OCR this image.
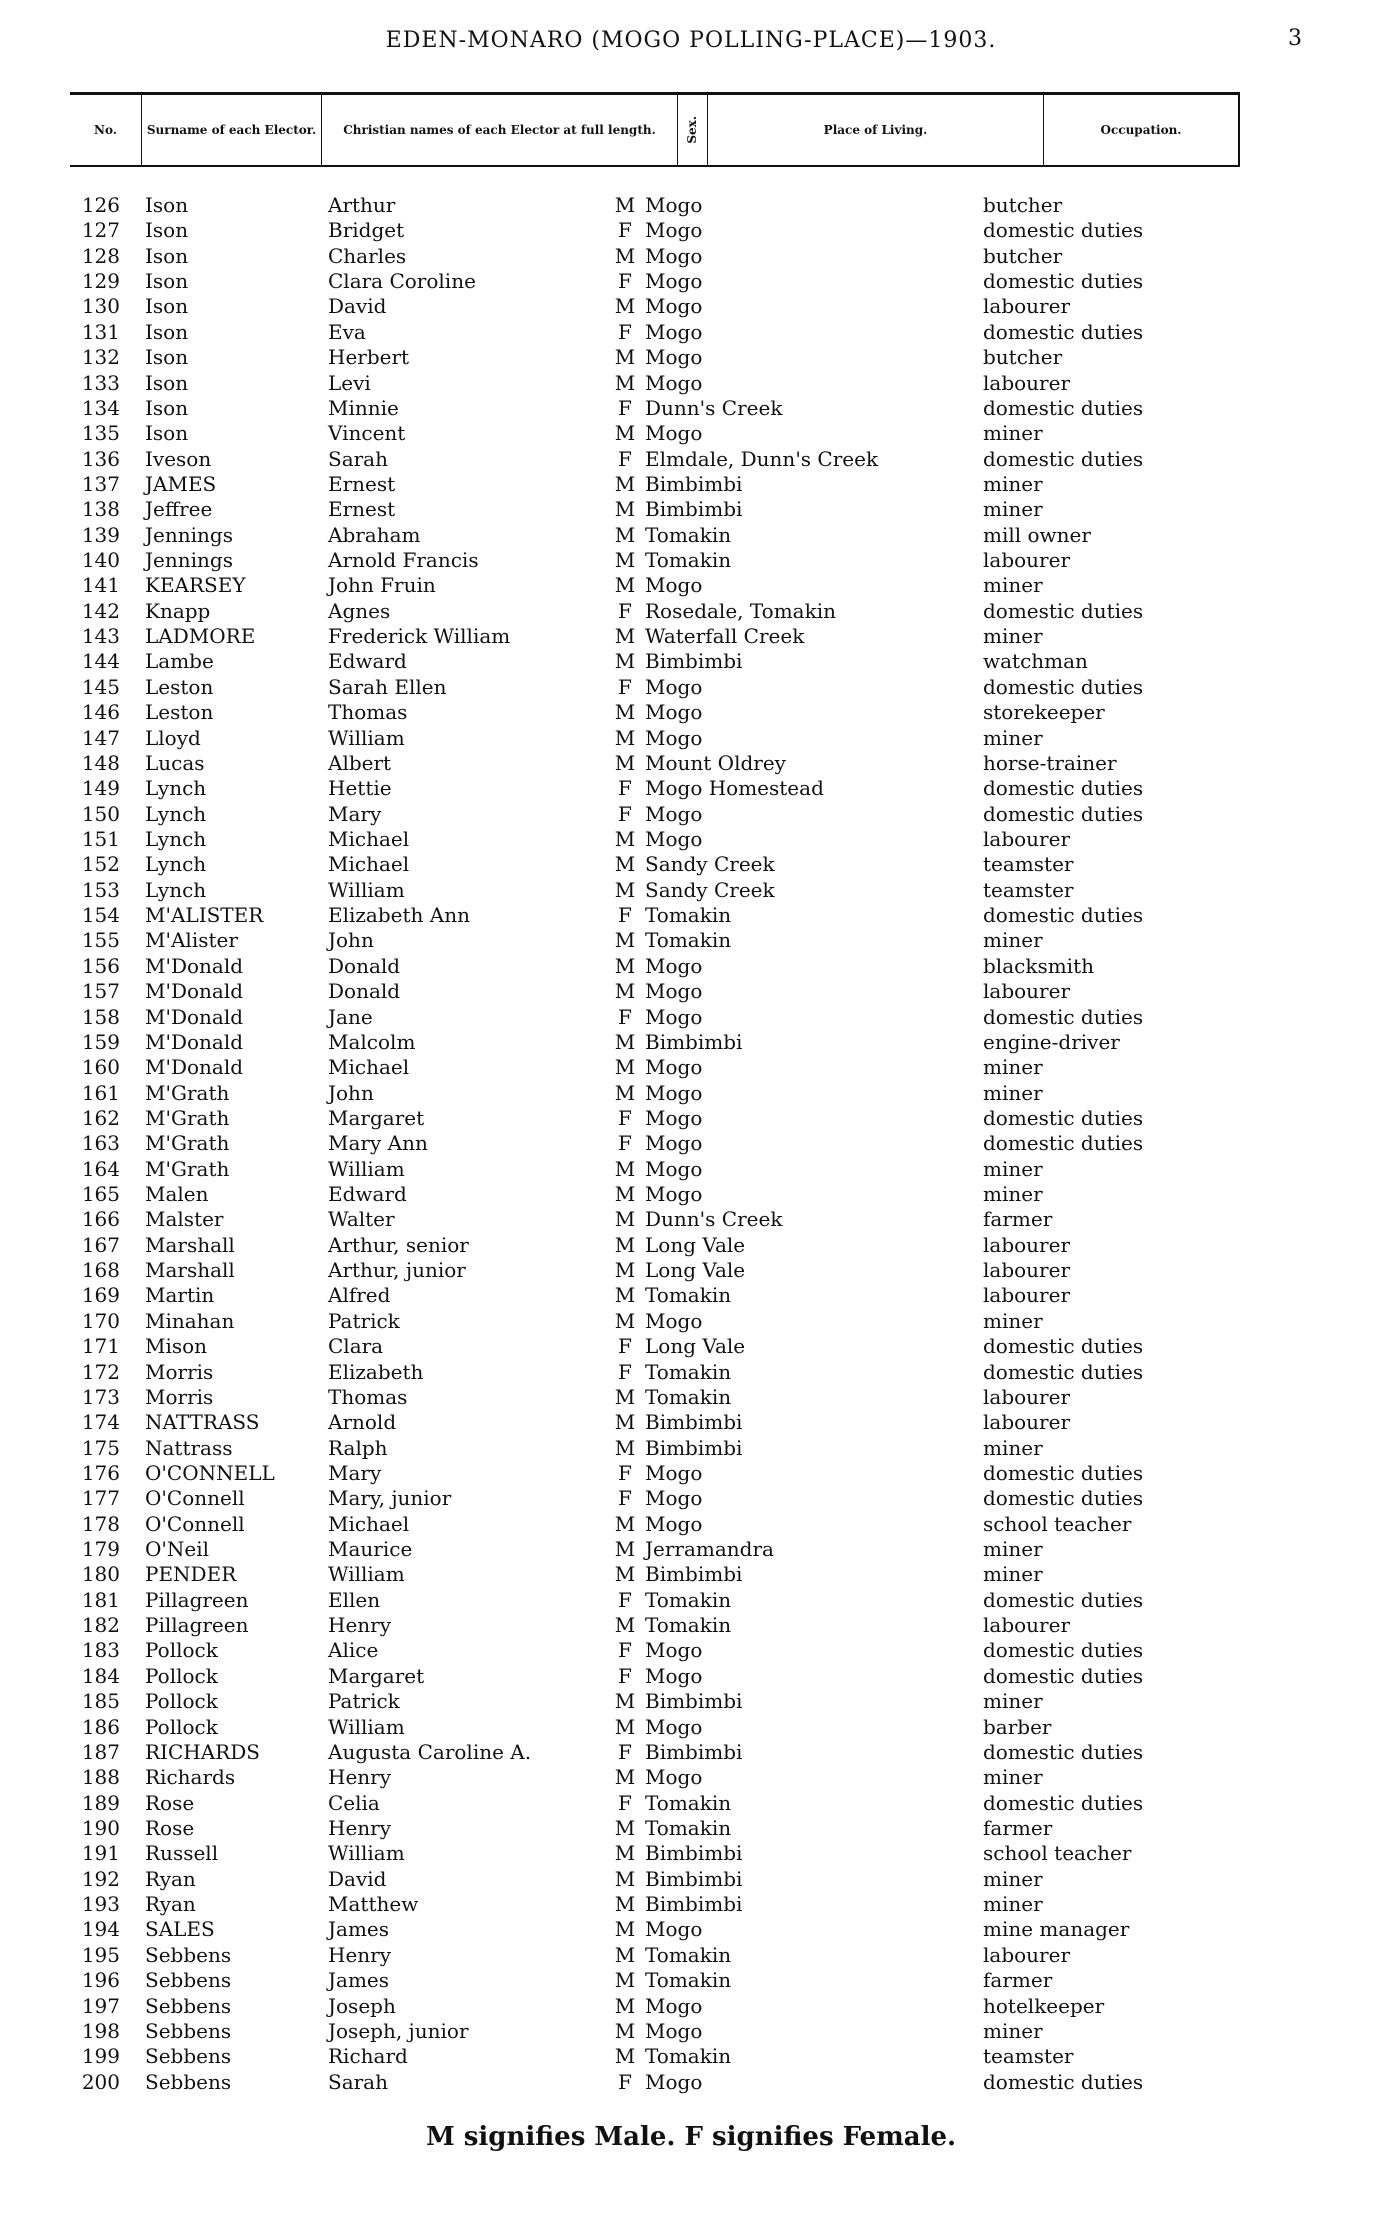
EDEN-MONARO (MOGO POLLING-PLACE)—1903.	3
No.	Surname of each Elector.	Christian names of each Elector at full length.	Sex.	Place of Living.	Occupation.
126 Ison	Arthur	M Mogo	butcher
127 Ison	Bridget	F Mogo	domestic duties
128 Ison	Charles	M Mogo	butcher
129 Ison	Clara Coroline	F Mogo	domestic duties
130 Ison	David	M Mogo	labourer
131 Ison	Eva	F Mogo	domestic duties
132 Ison	Herbert	M Mogo	butcher
133 Ison	Levi	M Mogo	labourer
134 Ison	Minnie	F Dunn's Creek	domestic duties
135 Ison	Vincent	M Mogo	miner
136 Iveson	Sarah	F Elmdale, Dunn's Creek	domestic duties
137 JAMES	Ernest	M Bimbimbi	miner
138 Jeffree	Ernest	M Bimbimbi	miner
139 Jennings	Abraham	M Tomakin	mill owner
140 Jennings	Arnold Francis	M Tomakin	labourer
141 KEARSEY	John Fruin	M Mogo	miner
142 Knapp	Agnes	F Rosedale, Tomakin	domestic duties
143 LADMORE	Frederick William	M Waterfall Creek	miner
144 Lambe	Edward	M Bimbimbi	watchman
145 Leston	Sarah Ellen	F Mogo	domestic duties
146 Leston	Thomas	M Mogo	storekeeper
147 Lloyd	William	M Mogo	miner
148 Lucas	Albert	M Mount Oldrey	horse-trainer
149 Lynch	Hettie	F Mogo Homestead	domestic duties
150 Lynch	Mary	F Mogo	domestic duties
151 Lynch	Michael	M Mogo	labourer
152 Lynch	Michael	M Sandy Creek	teamster
153 Lynch	William	M Sandy Creek	teamster
154 M'ALISTER	Elizabeth Ann	F Tomakin	domestic duties
155 M'Alister	John	M Tomakin	miner
156 M'Donald	Donald	M Mogo	blacksmith
157 M'Donald	Donald	M Mogo	labourer
158 M'Donald	Jane	F Mogo	domestic duties
159 M'Donald	Malcolm	M Bimbimbi	engine-driver
160 M'Donald	Michael	M Mogo	miner
161 M'Grath	John	M Mogo	miner
162 M'Grath	Margaret	F Mogo	domestic duties
163 M'Grath	Mary Ann	F Mogo	domestic duties
164 M'Grath	William	M Mogo	miner
165 Malen	Edward	M Mogo	miner
166 Malster	Walter	M Dunn's Creek	farmer
167 Marshall	Arthur, senior	M Long Vale	labourer
168 Marshall	Arthur, junior	M Long Vale	labourer
169 Martin	Alfred	M Tomakin	labourer
170 Minahan	Patrick	M Mogo	miner
171 Mison	Clara	F Long Vale	domestic duties
172 Morris	Elizabeth	F Tomakin	domestic duties
173 Morris	Thomas	M Tomakin	labourer
174 NATTRASS	Arnold	M Bimbimbi	labourer
175 Nattrass	Ralph	M Bimbimbi	miner
176 O'CONNELL	Mary	F Mogo	domestic duties
177 O'Connell	Mary, junior	F Mogo	domestic duties
178 O'Connell	Michael	M Mogo	school teacher
179 O'Neil	Maurice	M Jerramandra	miner
180 PENDER	William	M Bimbimbi	miner
181 Pillagreen	Ellen	F Tomakin	domestic duties
182 Pillagreen	Henry	M Tomakin	labourer
183 Pollock	Alice	F Mogo	domestic duties
184 Pollock	Margaret	F Mogo	domestic duties
185 Pollock	Patrick	M Bimbimbi	miner
186 Pollock	William	M Mogo	barber
187 RICHARDS	Augusta Caroline A.	F Bimbimbi	domestic duties
188 Richards	Henry	M Mogo	miner
189 Rose	Celia	F Tomakin	domestic duties
190 Rose	Henry	M Tomakin	farmer
191 Russell	William	M Bimbimbi	school teacher
192 Ryan	David	M Bimbimbi	miner
193 Ryan	Matthew	M Bimbimbi	miner
194 SALES	James	M Mogo	mine manager
195 Sebbens	Henry	M Tomakin	labourer
196 Sebbens	James	M Tomakin	farmer
197 Sebbens	Joseph	M Mogo	hotelkeeper
198 Sebbens	Joseph, junior	M Mogo	miner
199 Sebbens	Richard	M Tomakin	teamster
200 Sebbens	Sarah	F Mogo	domestic duties
M signifies Male. F signifies Female.
